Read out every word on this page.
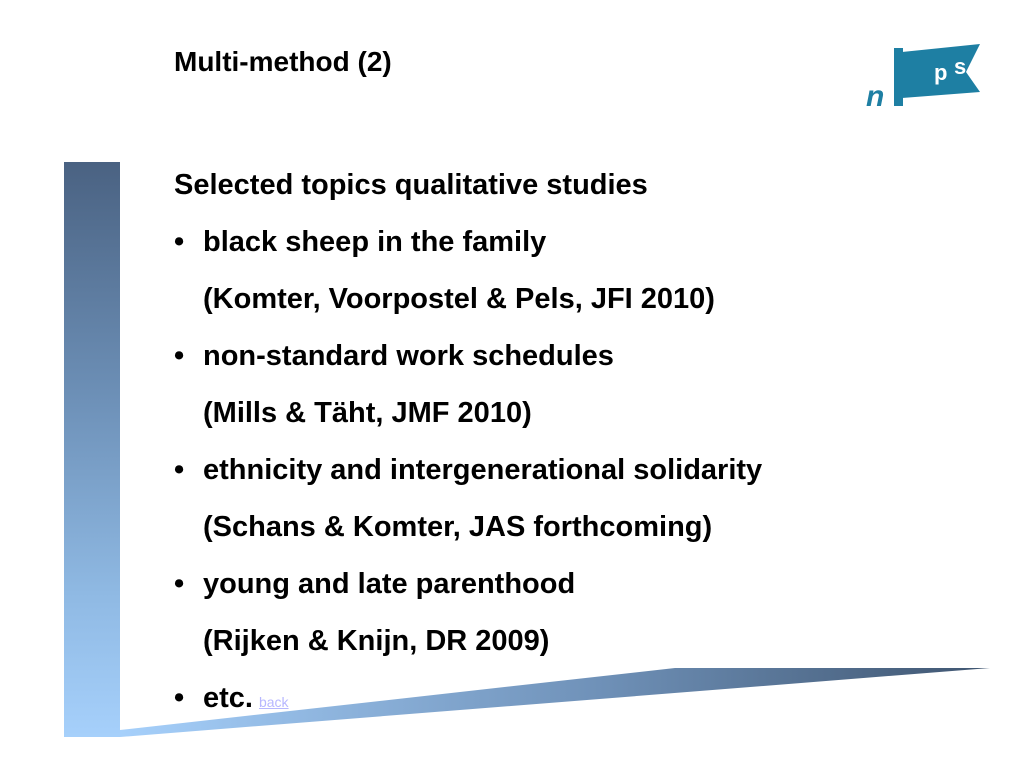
n
p s
Multi-method (2)
Selected topics qualitative studies
• black sheep in the family
(Komter, Voorpostel & Pels, JFI 2010)
• non-standard work schedules
(Mills & Täht, JMF 2010)
• ethnicity and intergenerational solidarity
(Schans & Komter, JAS forthcoming)
• young and late parenthood
(Rijken & Knijn, DR 2009)
• etc. back
